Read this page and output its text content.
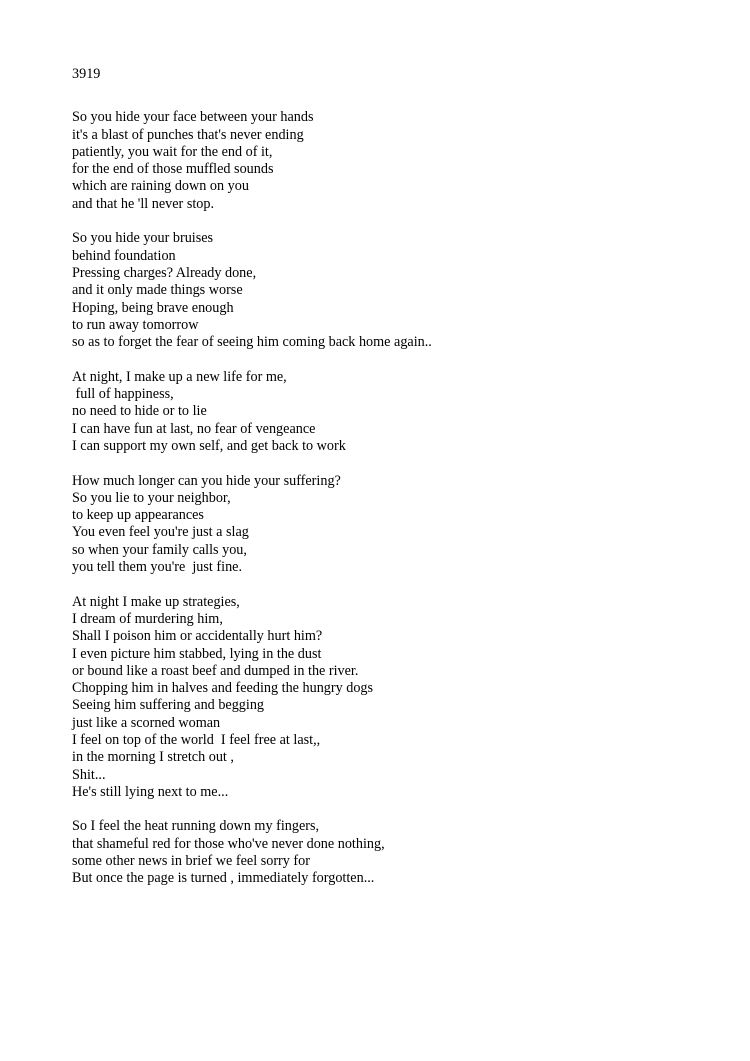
3919
So you hide your face between your hands
it's a blast of punches that's never ending
patiently, you wait for the end of it,
for the end of those muffled sounds
which are raining down on you
and that he 'll never stop.
So you hide your bruises
behind foundation
Pressing charges? Already done,
and it only made things worse
Hoping, being brave enough
to run away tomorrow
so as to forget the fear of seeing him coming back home again..
At night, I make up a new life for me,
full of happiness,
no need to hide or to lie
I can have fun at last, no fear of vengeance
I can support my own self, and get back to work
How much longer can you hide your suffering?
So you lie to your neighbor,
to keep up appearances
You even feel you're just a slag
so when your family calls you,
you tell them you're  just fine.
At night I make up strategies,
I dream of murdering him,
Shall I poison him or accidentally hurt him?
I even picture him stabbed, lying in the dust
or bound like a roast beef and dumped in the river.
Chopping him in halves and feeding the hungry dogs
Seeing him suffering and begging
just like a scorned woman
I feel on top of the world  I feel free at last,,
in the morning I stretch out ,
Shit...
He's still lying next to me...
So I feel the heat running down my fingers,
that shameful red for those who've never done nothing,
some other news in brief we feel sorry for
But once the page is turned , immediately forgotten...
